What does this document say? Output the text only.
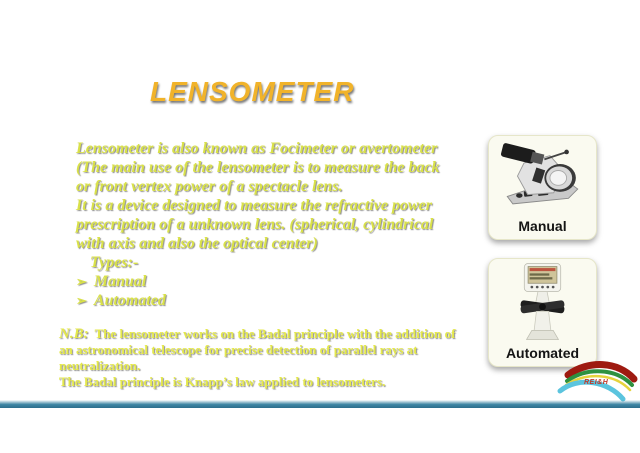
LENSOMETER
Lensometer is also known as Focimeter or avertometer
(The main use of the lensometer is to measure the back
or front vertex power of a spectacle lens.
It is a device designed to measure the refractive power
prescription of a unknown lens. (spherical, cylindrical
with axis and also the optical center)
Types:-
➢ Manual
➢ Automated
N.B: The lensometer works on the Badal principle with the addition of
an astronomical telescope for precise detection of parallel rays at
neutralization.
The Badal principle is Knapp’s law applied to lensometers.
Manual
Automated
REI&H
